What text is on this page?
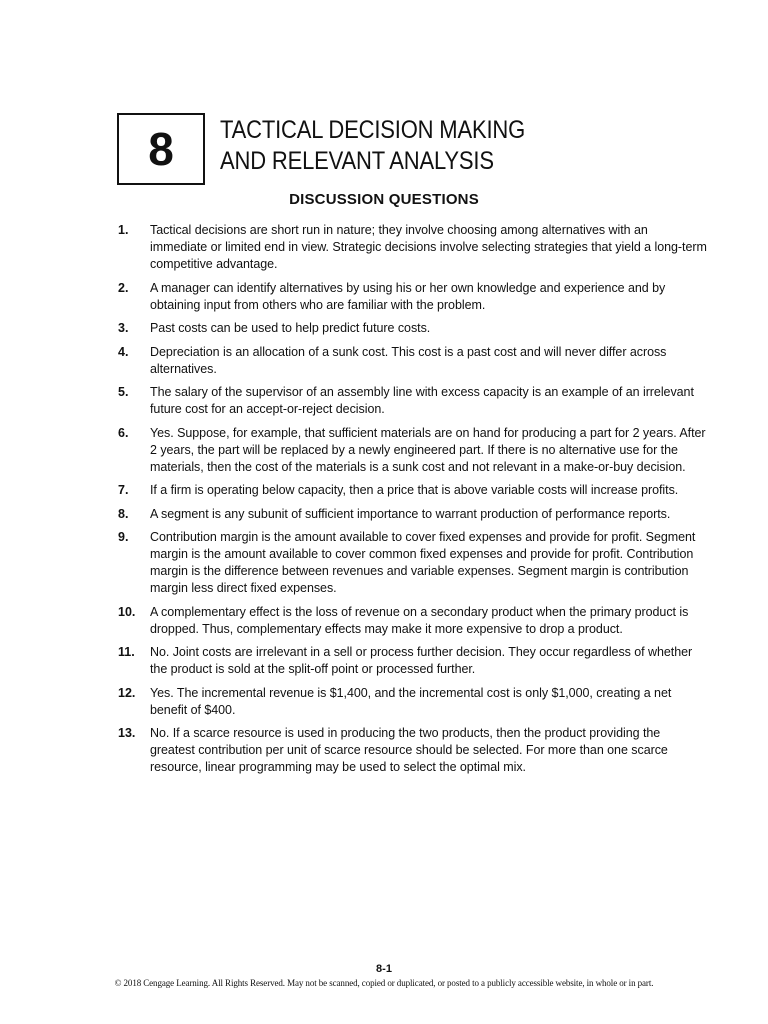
8 TACTICAL DECISION MAKING
AND RELEVANT ANALYSIS
DISCUSSION QUESTIONS
1.	Tactical decisions are short run in nature; they involve choosing among alternatives with an immediate or limited end in view. Strategic decisions involve selecting strategies that yield a long-term competitive advantage.
2.	A manager can identify alternatives by using his or her own knowledge and experience and by obtaining input from others who are familiar with the problem.
3.	Past costs can be used to help predict future costs.
4.	Depreciation is an allocation of a sunk cost. This cost is a past cost and will never differ across alternatives.
5.	The salary of the supervisor of an assembly line with excess capacity is an example of an irrelevant future cost for an accept-or-reject decision.
6.	Yes. Suppose, for example, that sufficient materials are on hand for producing a part for 2 years. After 2 years, the part will be replaced by a newly engineered part. If there is no alternative use for the materials, then the cost of the materials is a sunk cost and not relevant in a make-or-buy decision.
7.	If a firm is operating below capacity, then a price that is above variable costs will increase profits.
8.	A segment is any subunit of sufficient importance to warrant production of performance reports.
9.	Contribution margin is the amount available to cover fixed expenses and provide for profit. Segment margin is the amount available to cover common fixed expenses and provide for profit. Contribution margin is the difference between revenues and variable expenses. Segment margin is contribution margin less direct fixed expenses.
10.	A complementary effect is the loss of revenue on a secondary product when the primary product is dropped. Thus, complementary effects may make it more expensive to drop a product.
11.	No. Joint costs are irrelevant in a sell or process further decision. They occur regardless of whether the product is sold at the split-off point or processed further.
12.	Yes. The incremental revenue is $1,400, and the incremental cost is only $1,000, creating a net benefit of $400.
13.	No. If a scarce resource is used in producing the two products, then the product providing the greatest contribution per unit of scarce resource should be selected. For more than one scarce resource, linear programming may be used to select the optimal mix.
8-1
© 2018 Cengage Learning. All Rights Reserved. May not be scanned, copied or duplicated, or posted to a publicly accessible website, in whole or in part.
